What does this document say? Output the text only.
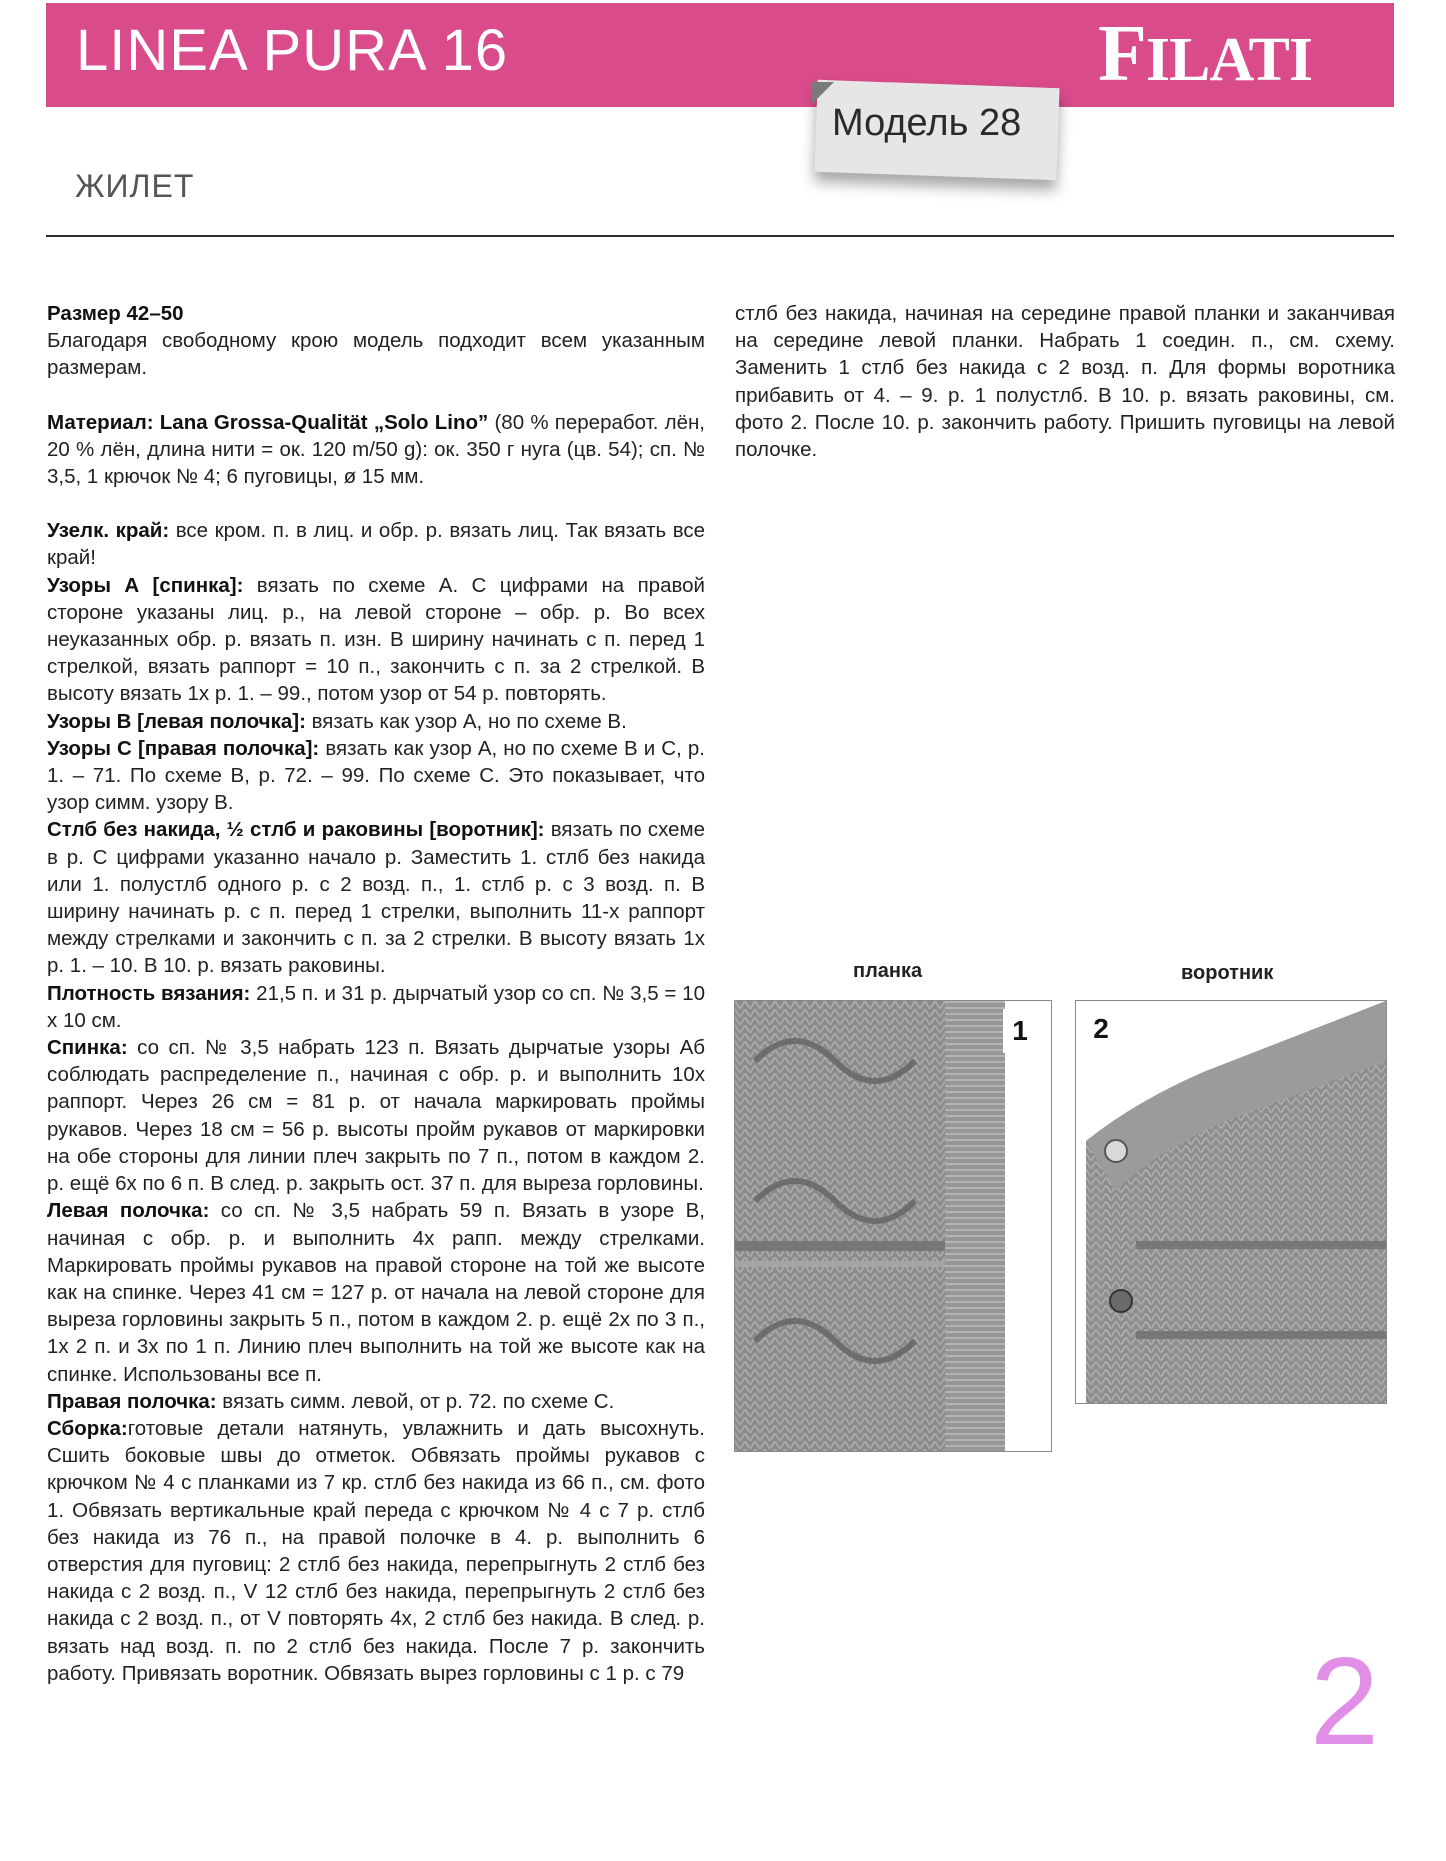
LINEA PURA 16	FILATI
Модель 28
ЖИЛЕТ

Размер 42–50

Благодаря свободному крою модель подходит всем указанным размерам.

Материал: Lana Grossa-Qualität „Solo Lino” (80 % переработ. лён, 20 % лён, длина нити = ок. 120 m/50 g): ок. 350 г нуга (цв. 54); сп. № 3,5, 1 крючок № 4; 6 пуговицы, ø 15 мм.

Узелк. край: все кром. п. в лиц. и обр. р. вязать лиц. Так вязать все край!

Узоры А [спинка]: вязать по схеме А. С цифрами на правой стороне указаны лиц. р., на левой стороне – обр. р. Во всех неуказанных обр. р. вязать п. изн. В ширину начинать с п. перед 1 стрелкой, вязать раппорт = 10 п., закончить с п. за 2 стрелкой. В высоту вязать 1x р. 1. – 99., потом узор от 54 р. повторять.

Узоры В [левая полочка]: вязать как узор А, но по схеме В.

Узоры С [правая полочка]: вязать как узор А, но по схеме В и С, р. 1. – 71. По схеме В, р. 72. – 99. По схеме С. Это показывает, что узор симм. узору В.

Стлб без накида, ½ стлб и раковины [воротник]: вязать по схеме в р. С цифрами указанно начало р. Заместить 1. стлб без накида или 1. полустлб одного р. с 2 возд. п., 1. стлб р. с 3 возд. п. В ширину начинать р. с п. перед 1 стрелки, выполнить 11-х раппорт между стрелками и закончить с п. за 2 стрелки. В высоту вязать 1x р. 1. – 10. В 10. р. вязать раковины.

Плотность вязания: 21,5 п. и 31 р. дырчатый узор со сп. № 3,5 = 10 x 10 см.

Спинка: со сп. № 3,5 набрать 123 п. Вязать дырчатые узоры Аб соблюдать распределение п., начиная с обр. р. и выполнить 10x раппорт. Через 26 см = 81 р. от начала маркировать проймы рукавов. Через 18 см = 56 р. высоты пройм рукавов от маркировки на обе стороны для линии плеч закрыть по 7 п., потом в каждом 2. р. ещё 6x по 6 п. В след. р. закрыть ост. 37 п. для выреза горловины.

Левая полочка: со сп. № 3,5 набрать 59 п. Вязать в узоре В, начиная с обр. р. и выполнить 4x рапп. между стрелками. Маркировать проймы рукавов на правой стороне на той же высоте как на спинке. Через 41 см = 127 р. от начала на левой стороне для выреза горловины закрыть 5 п., потом в каждом 2. р. ещё 2x по 3 п., 1x 2 п. и 3x по 1 п. Линию плеч выполнить на той же высоте как на спинке. Использованы все п.

Правая полочка: вязать симм. левой, от р. 72. по схеме С.

Сборка:готовые детали натянуть, увлажнить и дать высохнуть. Сшить боковые швы до отметок. Обвязать проймы рукавов с крючком № 4 с планками из 7 кр. стлб без накида из 66 п., см. фото 1. Обвязать вертикальные край переда с крючком № 4 с 7 р. стлб без накида из 76 п., на правой полочке в 4. р. выполнить 6 отверстия для пуговиц: 2 стлб без накида, перепрыгнуть 2 стлб без накида с 2 возд. п., V 12 стлб без накида, перепрыгнуть 2 стлб без накида с 2 возд. п., от V повторять 4x, 2 стлб без накида. В след. р. вязать над возд. п. по 2 стлб без накида. После 7 р. закончить работу. Привязать воротник. Обвязать вырез горловины с 1 р. с 79

стлб без накида, начиная на середине правой планки и заканчивая на середине левой планки. Набрать 1 соедин. п., см. схему. Заменить 1 стлб без накида с 2 возд. п. Для формы воротника прибавить от 4. – 9. р. 1 полустлб. В 10. р. вязать раковины, см. фото 2. После 10. р. закончить работу. Пришить пуговицы на левой полочке.

планка
1
воротник
2
2
